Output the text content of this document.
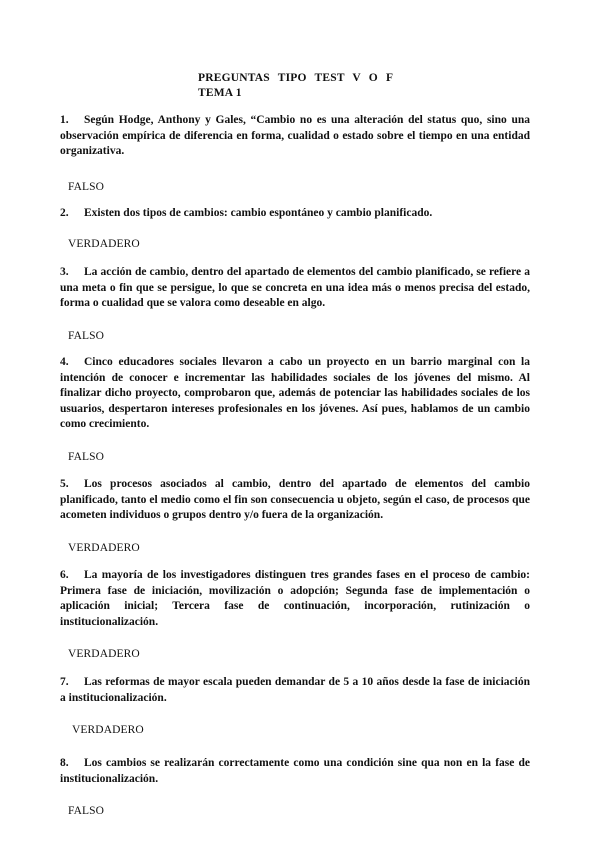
PREGUNTAS TIPO TEST V O F
TEMA 1
1. Según Hodge, Anthony y Gales, “Cambio no es una alteración del status quo, sino una observación empírica de diferencia en forma, cualidad o estado sobre el tiempo en una entidad organizativa.
FALSO
2. Existen dos tipos de cambios: cambio espontáneo y cambio planificado.
VERDADERO
3. La acción de cambio, dentro del apartado de elementos del cambio planificado, se refiere a una meta o fin que se persigue, lo que se concreta en una idea más o menos precisa del estado, forma o cualidad que se valora como deseable en algo.
FALSO
4. Cinco educadores sociales llevaron a cabo un proyecto en un barrio marginal con la intención de conocer e incrementar las habilidades sociales de los jóvenes del mismo. Al finalizar dicho proyecto, comprobaron que, además de potenciar las habilidades sociales de los usuarios, despertaron intereses profesionales en los jóvenes. Así pues, hablamos de un cambio como crecimiento.
FALSO
5. Los procesos asociados al cambio, dentro del apartado de elementos del cambio planificado, tanto el medio como el fin son consecuencia u objeto, según el caso, de procesos que acometen individuos o grupos dentro y/o fuera de la organización.
VERDADERO
6. La mayoría de los investigadores distinguen tres grandes fases en el proceso de cambio: Primera fase de iniciación, movilización o adopción; Segunda fase de implementación o aplicación inicial; Tercera fase de continuación, incorporación, rutinización o institucionalización.
VERDADERO
7. Las reformas de mayor escala pueden demandar de 5 a 10 años desde la fase de iniciación a institucionalización.
VERDADERO
8. Los cambios se realizarán correctamente como una condición sine qua non en la fase de institucionalización.
FALSO
